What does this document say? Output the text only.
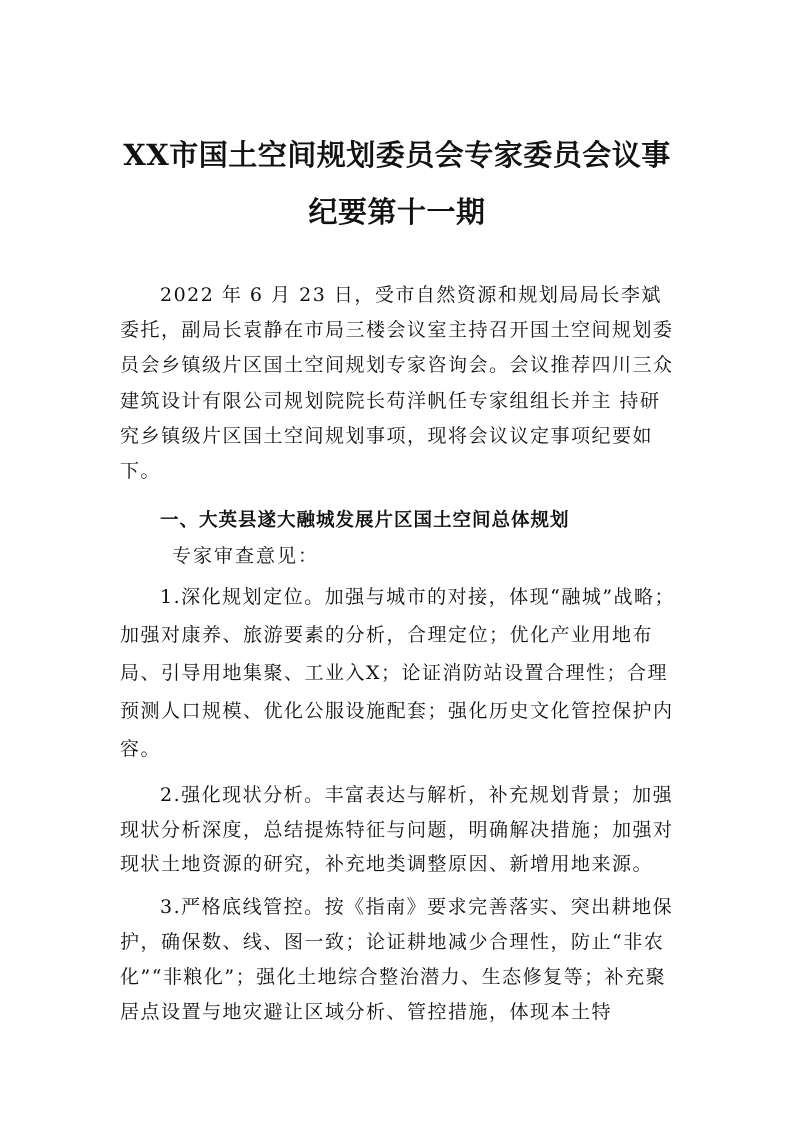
XX市国土空间规划委员会专家委员会议事
纪要第十一期

2022 年 6 月 23 日，受市自然资源和规划局局长李斌委托，副局长袁静在市局三楼会议室主持召开国土空间规划委员会乡镇级片区国土空间规划专家咨询会。会议推荐四川三众建筑设计有限公司规划院院长苟洋帆任专家组组长并主 持研究乡镇级片区国土空间规划事项，现将会议议定事项纪要如下。

一、大英县遂大融城发展片区国土空间总体规划

专家审查意见：

1.深化规划定位。加强与城市的对接，体现“融城”战略；加强对康养、旅游要素的分析，合理定位；优化产业用地布局、引导用地集聚、工业入X；论证消防站设置合理性；合理预测人口规模、优化公服设施配套；强化历史文化管控保护内容。

2.强化现状分析。丰富表达与解析，补充规划背景；加强现状分析深度，总结提炼特征与问题，明确解决措施；加强对现状土地资源的研究，补充地类调整原因、新增用地来源。

3.严格底线管控。按《指南》要求完善落实、突出耕地保护，确保数、线、图一致；论证耕地减少合理性，防止“非农化”“非粮化”；强化土地综合整治潜力、生态修复等；补充聚居点设置与地灾避让区域分析、管控措施，体现本土特
